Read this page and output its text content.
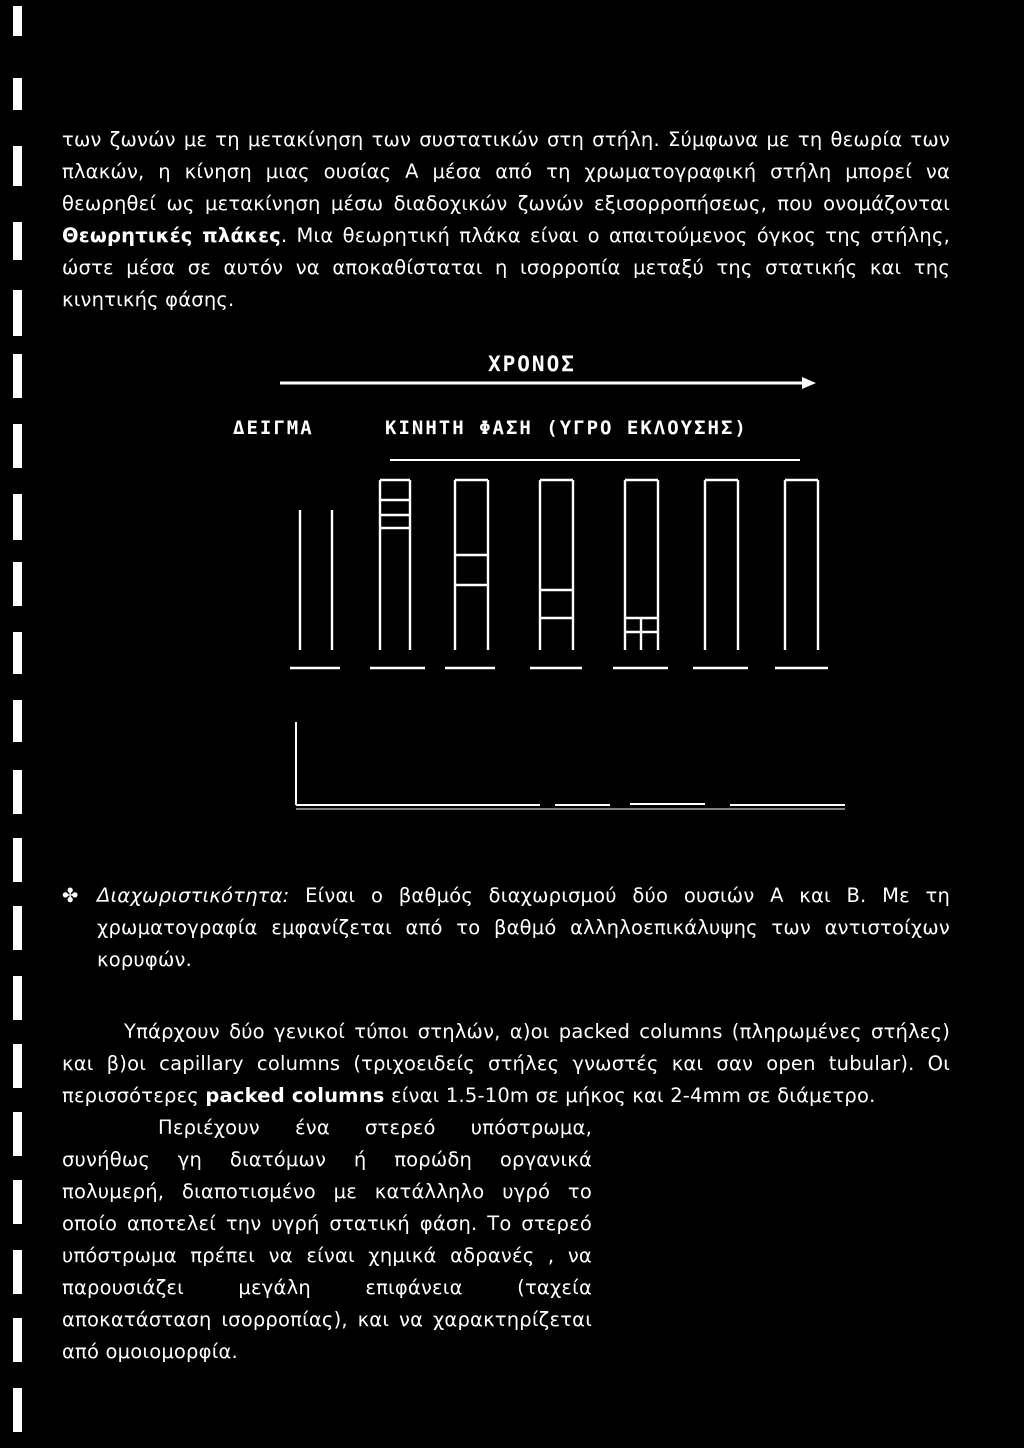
των ζωνών με τη μετακίνηση των συστατικών στη στήλη. Σύμφωνα με τη θεωρία των πλακών, η κίνηση μιας ουσίας Α μέσα από τη χρωματογραφική στήλη μπορεί να θεωρηθεί ως μετακίνηση μέσω διαδοχικών ζωνών εξισορροπήσεως, που ονομάζονται Θεωρητικές πλάκες. Μια θεωρητική πλάκα είναι ο απαιτούμενος όγκος της στήλης, ώστε μέσα σε αυτόν να αποκαθίσταται η ισορροπία μεταξύ της στατικής και της κινητικής φάσης.

ΧΡΟΝΟΣ
ΔΕΙΓΜΑ	ΚΙΝΗΤΗ ΦΑΣΗ (ΥΓΡΟ ΕΚΛΟΥΣΗΣ)

✤ Διαχωριστικότητα: Είναι ο βαθμός διαχωρισμού δύο ουσιών Α και Β. Με τη χρωματογραφία εμφανίζεται από το βαθμό αλληλοεπικάλυψης των αντιστοίχων κορυφών.

Υπάρχουν δύο γενικοί τύποι στηλών, α)οι packed columns (πληρωμένες στήλες) και β)οι capillary columns (τριχοειδείς στήλες γνωστές και σαν open tubular). Οι περισσότερες packed columns είναι 1.5-10m σε μήκος και 2-4mm σε διάμετρο.

Περιέχουν ένα στερεό υπόστρωμα, συνήθως γη διατόμων ή πορώδη οργανικά πολυμερή, διαποτισμένο με κατάλληλο υγρό το οποίο αποτελεί την υγρή στατική φάση. Το στερεό υπόστρωμα πρέπει να είναι χημικά αδρανές , να παρουσιάζει μεγάλη επιφάνεια (ταχεία αποκατάσταση ισορροπίας), και να χαρακτηρίζεται από ομοιομορφία.
